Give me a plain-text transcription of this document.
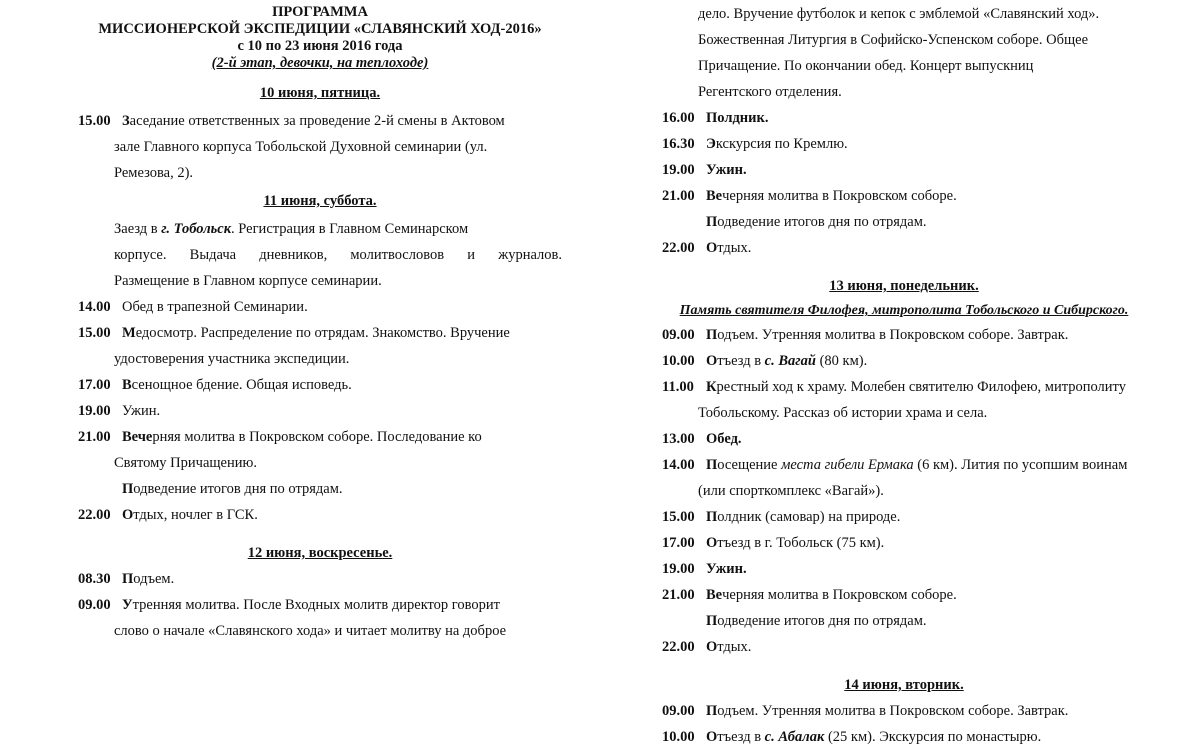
ПРОГРАММА
МИССИОНЕРСКОЙ ЭКСПЕДИЦИИ «СЛАВЯНСКИЙ ХОД-2016»
с 10 по 23 июня 2016 года
(2-й этап, девочки, на теплоходе)
10 июня, пятница.
15.00 Заседание ответственных за проведение 2-й смены в Актовом
зале Главного корпуса Тобольской Духовной семинарии (ул.
Ремезова, 2).
11 июня, суббота.
Заезд в г. Тобольск. Регистрация в Главном Семинарском
корпусе. Выдача дневников, молитвословов и журналов.
Размещение в Главном корпусе семинарии.
14.00 Обед в трапезной Семинарии.
15.00 Медосмотр. Распределение по отрядам. Знакомство. Вручение
удостоверения участника экспедиции.
17.00 Всенощное бдение. Общая исповедь.
19.00 Ужин.
21.00 Вечерняя молитва в Покровском соборе. Последование ко
Святому Причащению.
Подведение итогов дня по отрядам.
22.00 Отдых, ночлег в ГСК.
12 июня, воскресенье.
08.30 Подъем.
09.00 Утренняя молитва. После Входных молитв директор говорит
слово о начале «Славянского хода» и читает молитву на доброе
дело. Вручение футболок и кепок с эмблемой «Славянский ход».
Божественная Литургия в Софийско-Успенском соборе. Общее
Причащение. По окончании обед. Концерт выпускниц
Регентского отделения.
16.00 Полдник.
16.30 Экскурсия по Кремлю.
19.00 Ужин.
21.00 Вечерняя молитва в Покровском соборе.
Подведение итогов дня по отрядам.
22.00 Отдых.
13 июня, понедельник.
Память святителя Филофея, митрополита Тобольского и Сибирского.
09.00 Подъем. Утренняя молитва в Покровском соборе. Завтрак.
10.00 Отъезд в с. Вагай (80 км).
11.00 Крестный ход к храму. Молебен святителю Филофею, митрополиту
Тобольскому. Рассказ об истории храма и села.
13.00 Обед.
14.00 Посещение места гибели Ермака (6 км). Лития по усопшим воинам
(или спорткомплекс «Вагай»).
15.00 Полдник (самовар) на природе.
17.00 Отъезд в г. Тобольск (75 км).
19.00 Ужин.
21.00 Вечерняя молитва в Покровском соборе.
Подведение итогов дня по отрядам.
22.00 Отдых.
14 июня, вторник.
09.00 Подъем. Утренняя молитва в Покровском соборе. Завтрак.
10.00 Отъезд в с. Абалак (25 км). Экскурсия по монастырю.
